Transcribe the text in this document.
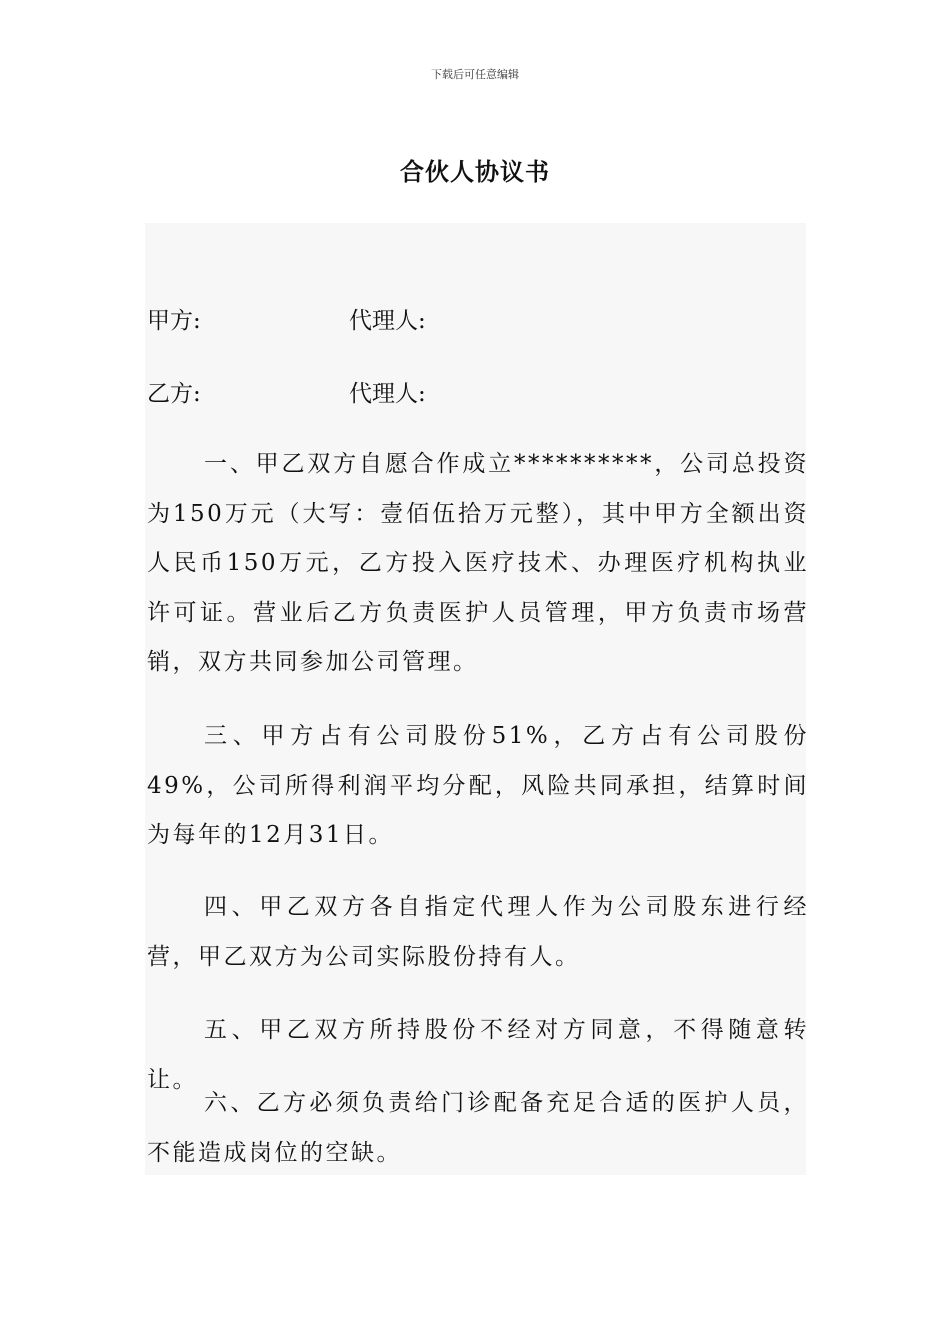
下载后可任意编辑
合伙人协议书
甲方:	代理人:
乙方:	代理人:

一、甲乙双方自愿合作成立**********，公司总投资为150万元（大写：壹佰伍拾万元整），其中甲方全额出资人民币150万元，乙方投入医疗技术、办理医疗机构执业许可证。营业后乙方负责医护人员管理，甲方负责市场营销，双方共同参加公司管理。

三、甲方占有公司股份51%，乙方占有公司股份49%，公司所得利润平均分配，风险共同承担，结算时间为每年的12月31日。

四、甲乙双方各自指定代理人作为公司股东进行经营，甲乙双方为公司实际股份持有人。

五、甲乙双方所持股份不经对方同意，不得随意转让。

六、乙方必须负责给门诊配备充足合适的医护人员，不能造成岗位的空缺。
